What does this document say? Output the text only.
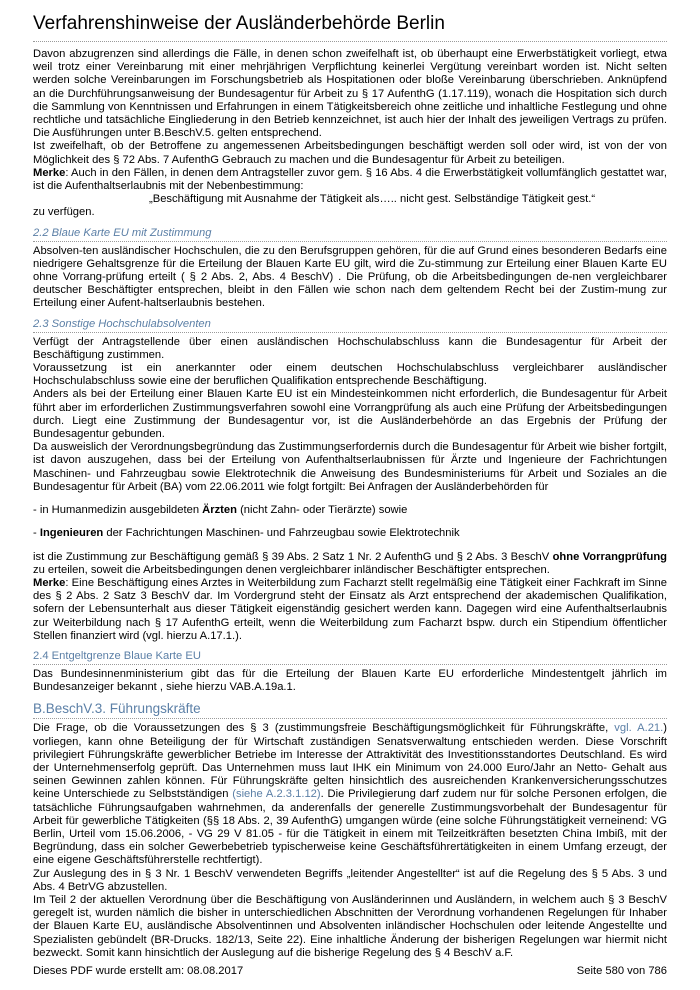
Verfahrenshinweise der Ausländerbehörde Berlin

Davon abzugrenzen sind allerdings die Fälle, in denen schon zweifelhaft ist, ob überhaupt eine Erwerbstätigkeit vorliegt, etwa weil trotz einer Vereinbarung mit einer mehrjährigen Verpflichtung keinerlei Vergütung vereinbart worden ist. Nicht selten werden solche Vereinbarungen im Forschungsbetrieb als Hospitationen oder bloße Vereinbarung überschrieben. Anknüpfend an die Durchführungsanweisung der Bundesagentur für Arbeit zu § 17 AufenthG (1.17.119), wonach die Hospitation sich durch die Sammlung von Kenntnissen und Erfahrungen in einem Tätigkeitsbereich ohne zeitliche und inhaltliche Festlegung und ohne rechtliche und tatsächliche Eingliederung in den Betrieb kennzeichnet, ist auch hier der Inhalt des jeweiligen Vertrags zu prüfen. Die Ausführungen unter B.BeschV.5. gelten entsprechend.

Ist zweifelhaft, ob der Betroffene zu angemessenen Arbeitsbedingungen beschäftigt werden soll oder wird, ist von der von Möglichkeit des § 72 Abs. 7 AufenthG Gebrauch zu machen und die Bundesagentur für Arbeit zu beteiligen.

Merke: Auch in den Fällen, in denen dem Antragsteller zuvor gem. § 16 Abs. 4 die Erwerbstätigkeit vollumfänglich gestattet war, ist die Aufenthaltserlaubnis mit der Nebenbestimmung:

„Beschäftigung mit Ausnahme der Tätigkeit als….. nicht gest. Selbständige Tätigkeit gest.“

zu verfügen.

2.2 Blaue Karte EU mit Zustimmung

Absolven-ten ausländischer Hochschulen, die zu den Berufsgruppen gehören, für die auf Grund eines besonderen Bedarfs eine niedrigere Gehaltsgrenze für die Erteilung der Blauen Karte EU gilt, wird die Zu-stimmung zur Erteilung einer Blauen Karte EU ohne Vorrang-prüfung erteilt ( § 2 Abs. 2, Abs. 4 BeschV) . Die Prüfung, ob die Arbeitsbedingungen de-nen vergleichbarer deutscher Beschäftigter entsprechen, bleibt in den Fällen wie schon nach dem geltendem Recht bei der Zustim-mung zur Erteilung einer Aufent-haltserlaubnis bestehen.

2.3 Sonstige Hochschulabsolventen

Verfügt der Antragstellende über einen ausländischen Hochschulabschluss kann die Bundesagentur für Arbeit der Beschäftigung zustimmen.

Voraussetzung ist ein anerkannter oder einem deutschen Hochschulabschluss vergleichbarer ausländischer Hochschulabschluss sowie eine der beruflichen Qualifikation entsprechende Beschäftigung.

Anders als bei der Erteilung einer Blauen Karte EU ist ein Mindesteinkommen nicht erforderlich, die Bundesagentur für Arbeit führt aber im erforderlichen Zustimmungsverfahren sowohl eine Vorrangprüfung als auch eine Prüfung der Arbeitsbedingungen durch. Liegt eine Zustimmung der Bundesagentur vor, ist die Ausländerbehörde an das Ergebnis der Prüfung der Bundesagentur gebunden.

Da ausweislich der Verordnungsbegründung das Zustimmungserfordernis durch die Bundesagentur für Arbeit wie bisher fortgilt, ist davon auszugehen, dass bei der Erteilung von Aufenthaltserlaubnissen für Ärzte und Ingenieure der Fachrichtungen Maschinen- und Fahrzeugbau sowie Elektrotechnik die Anweisung des Bundesministeriums für Arbeit und Soziales an die Bundesagentur für Arbeit (BA) vom 22.06.2011 wie folgt fortgilt: Bei Anfragen der Ausländerbehörden für

- in Humanmedizin ausgebildeten Ärzten (nicht Zahn- oder Tierärzte) sowie

- Ingenieuren der Fachrichtungen Maschinen- und Fahrzeugbau sowie Elektrotechnik

ist die Zustimmung zur Beschäftigung gemäß § 39 Abs. 2 Satz 1 Nr. 2 AufenthG und § 2 Abs. 3 BeschV ohne Vorrangprüfung zu erteilen, soweit die Arbeitsbedingungen denen vergleichbarer inländischer Beschäftigter entsprechen.

Merke: Eine Beschäftigung eines Arztes in Weiterbildung zum Facharzt stellt regelmäßig eine Tätigkeit einer Fachkraft im Sinne des § 2 Abs. 2 Satz 3 BeschV dar. Im Vordergrund steht der Einsatz als Arzt entsprechend der akademischen Qualifikation, sofern der Lebensunterhalt aus dieser Tätigkeit eigenständig gesichert werden kann. Dagegen wird eine Aufenthaltserlaubnis zur Weiterbildung nach § 17 AufenthG erteilt, wenn die Weiterbildung zum Facharzt bspw. durch ein Stipendium öffentlicher Stellen finanziert wird (vgl. hierzu A.17.1.).

2.4 Entgeltgrenze Blaue Karte EU

Das Bundesinnenministerium gibt das für die Erteilung der Blauen Karte EU erforderliche Mindestentgelt jährlich im Bundesanzeiger bekannt , siehe hierzu VAB.A.19a.1.

B.BeschV.3. Führungskräfte

Die Frage, ob die Voraussetzungen des § 3 (zustimmungsfreie Beschäftigungsmöglichkeit für Führungskräfte, vgl. A.21.) vorliegen, kann ohne Beteiligung der für Wirtschaft zuständigen Senatsverwaltung entschieden werden. Diese Vorschrift privilegiert Führungskräfte gewerblicher Betriebe im Interesse der Attraktivität des Investitionsstandortes Deutschland. Es wird der Unternehmenserfolg geprüft. Das Unternehmen muss laut IHK ein Minimum von 24.000 Euro/Jahr an Netto- Gehalt aus seinen Gewinnen zahlen können. Für Führungskräfte gelten hinsichtlich des ausreichenden Krankenversicherungsschutzes keine Unterschiede zu Selbstständigen (siehe A.2.3.1.12). Die Privilegierung darf zudem nur für solche Personen erfolgen, die tatsächliche Führungsaufgaben wahrnehmen, da anderenfalls der generelle Zustimmungsvorbehalt der Bundesagentur für Arbeit für gewerbliche Tätigkeiten (§§ 18 Abs. 2, 39 AufenthG) umgangen würde (eine solche Führungstätigkeit verneinend: VG Berlin, Urteil vom 15.06.2006, - VG 29 V 81.05 - für die Tätigkeit in einem mit Teilzeitkräften besetzten China Imbiß, mit der Begründung, dass ein solcher Gewerbebetrieb typischerweise keine Geschäftsführertätigkeiten in einem Umfang erzeugt, der eine eigene Geschäftsführerstelle rechtfertigt).

Zur Auslegung des in § 3 Nr. 1 BeschV verwendeten Begriffs „leitender Angestellter“ ist auf die Regelung des § 5 Abs. 3 und Abs. 4 BetrVG abzustellen.

Im Teil 2 der aktuellen Verordnung über die Beschäftigung von Ausländerinnen und Ausländern, in welchem auch § 3 BeschV geregelt ist, wurden nämlich die bisher in unterschiedlichen Abschnitten der Verordnung vorhandenen Regelungen für Inhaber der Blauen Karte EU, ausländische Absolventinnen und Absolventen inländischer Hochschulen oder leitende Angestellte und Spezialisten gebündelt (BR-Drucks. 182/13, Seite 22). Eine inhaltliche Änderung der bisherigen Regelungen war hiermit nicht bezweckt. Somit kann hinsichtlich der Auslegung auf die bisherige Regelung des § 4 BeschV a.F.

Dieses PDF wurde erstellt am: 08.08.2017	Seite 580 von 786
